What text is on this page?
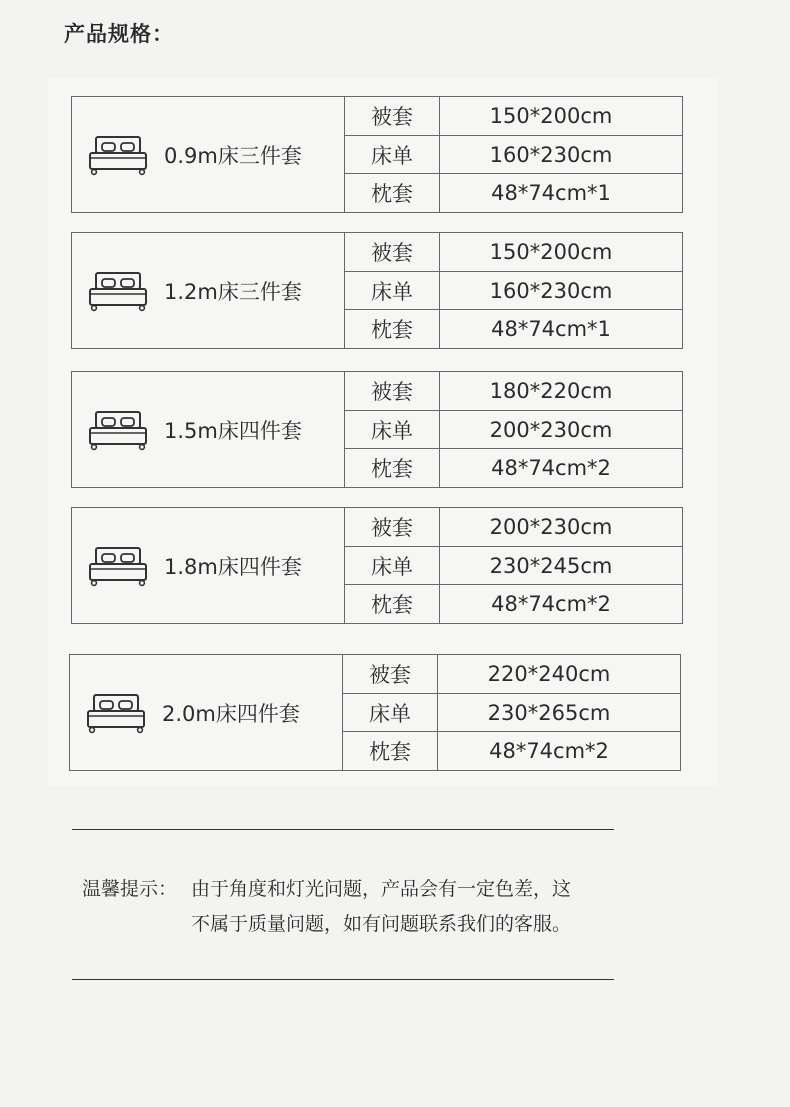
产品规格：
0.9m床三件套
被套	150*200cm
床单	160*230cm
枕套	48*74cm*1
1.2m床三件套
被套	150*200cm
床单	160*230cm
枕套	48*74cm*1
1.5m床四件套
被套	180*220cm
床单	200*230cm
枕套	48*74cm*2
1.8m床四件套
被套	200*230cm
床单	230*245cm
枕套	48*74cm*2
2.0m床四件套
被套	220*240cm
床单	230*265cm
枕套	48*74cm*2
温馨提示： 由于角度和灯光问题，产品会有一定色差，这
不属于质量问题，如有问题联系我们的客服。
